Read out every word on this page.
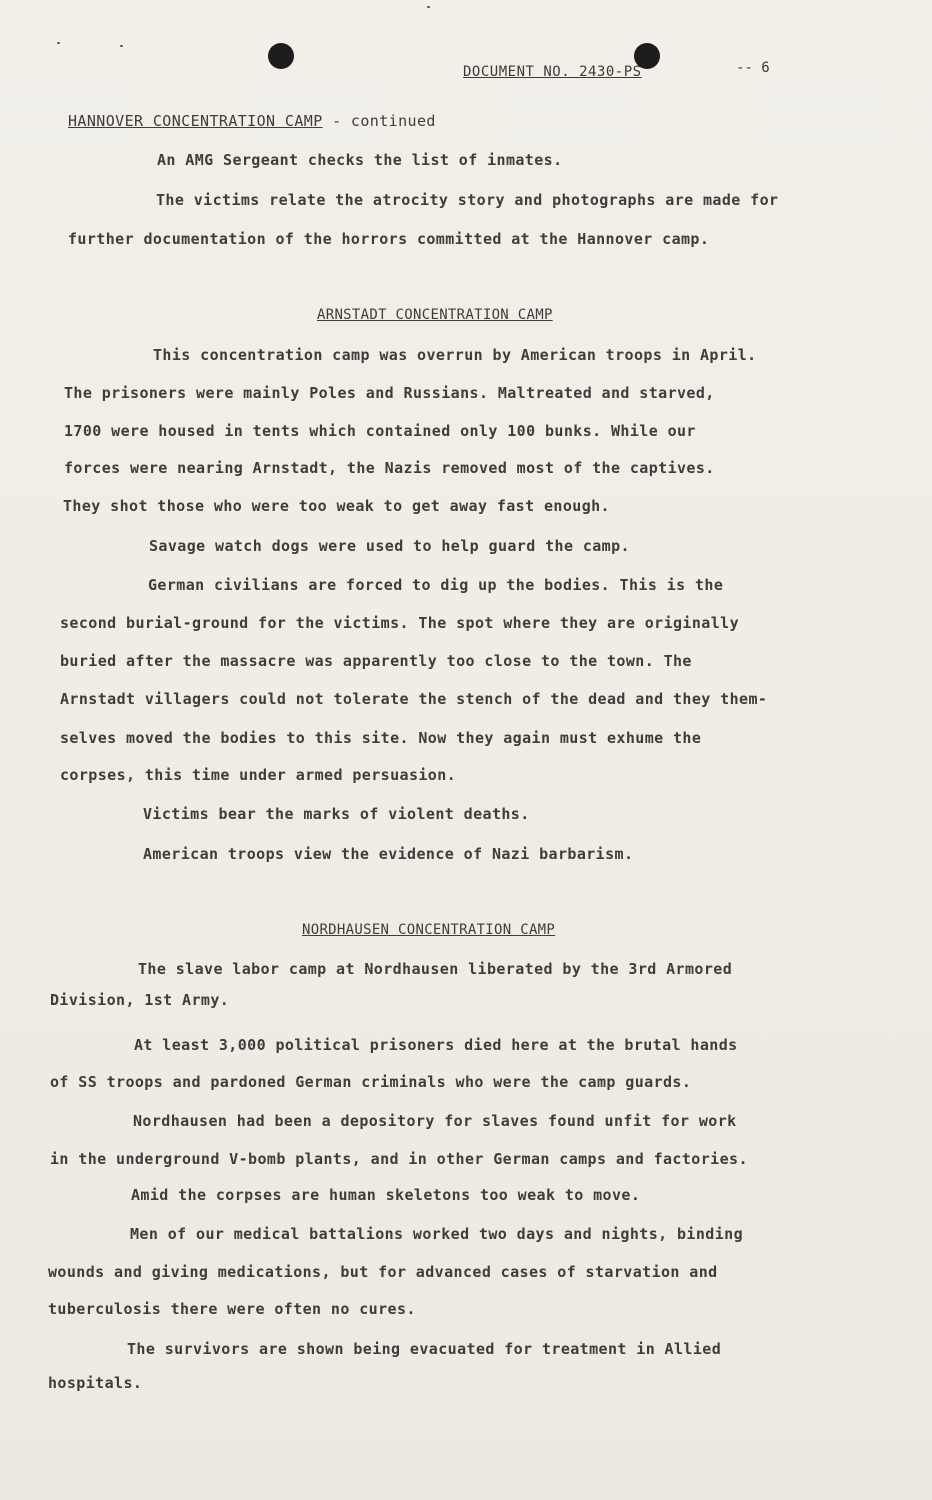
DOCUMENT NO. 2430-PS	-- 6
HANNOVER CONCENTRATION CAMP - continued
An AMG Sergeant checks the list of inmates.
The victims relate the atrocity story and photographs are made for
further documentation of the horrors committed at the Hannover camp.
ARNSTADT CONCENTRATION CAMP
This concentration camp was overrun by American troops in April.
The prisoners were mainly Poles and Russians. Maltreated and starved,
1700 were housed in tents which contained only 100 bunks. While our
forces were nearing Arnstadt, the Nazis removed most of the captives.
They shot those who were too weak to get away fast enough.
Savage watch dogs were used to help guard the camp.
German civilians are forced to dig up the bodies. This is the
second burial-ground for the victims. The spot where they are originally
buried after the massacre was apparently too close to the town. The
Arnstadt villagers could not tolerate the stench of the dead and they them-
selves moved the bodies to this site. Now they again must exhume the
corpses, this time under armed persuasion.
Victims bear the marks of violent deaths.
American troops view the evidence of Nazi barbarism.
NORDHAUSEN CONCENTRATION CAMP
The slave labor camp at Nordhausen liberated by the 3rd Armored
Division, 1st Army.
At least 3,000 political prisoners died here at the brutal hands
of SS troops and pardoned German criminals who were the camp guards.
Nordhausen had been a depository for slaves found unfit for work
in the underground V-bomb plants, and in other German camps and factories.
Amid the corpses are human skeletons too weak to move.
Men of our medical battalions worked two days and nights, binding
wounds and giving medications, but for advanced cases of starvation and
tuberculosis there were often no cures.
The survivors are shown being evacuated for treatment in Allied
hospitals.
